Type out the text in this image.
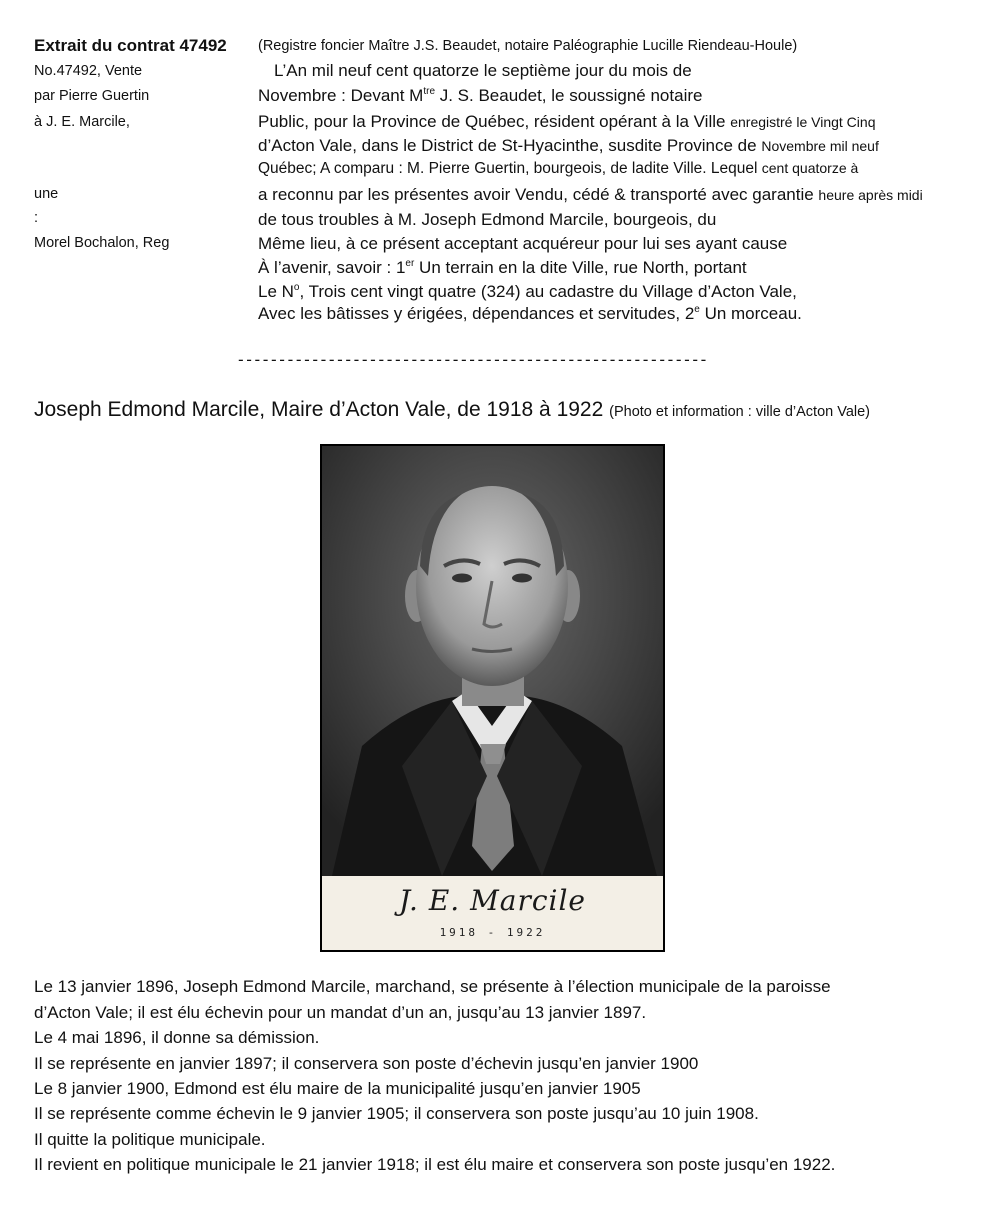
Extrait du contrat 47492 (Registre foncier Maître J.S. Beaudet, notaire Paléographie Lucille Riendeau-Houle)
No.47492, Vente
par Pierre Guertin
à J. E. Marcile,
une
:
Morel Bochalon, Reg
L’An mil neuf cent quatorze le septième jour du mois de
Novembre : Devant $M^{tre}$ J. S. Beaudet, le soussigné notaire
Public, pour la Province de Québec, résident opérant à la Ville enregistré le Vingt Cinq
d’Acton Vale, dans le District de St-Hyacinthe, susdite Province de Novembre mil neuf
Québec; A comparu : M. Pierre Guertin, bourgeois, de ladite Ville. Lequel cent quatorze à
a reconnu par les présentes avoir Vendu, cédé & transporté avec garantie heure après midi
de tous troubles à M. Joseph Edmond Marcile, bourgeois, du
Même lieu, à ce présent acceptant acquéreur pour lui ses ayant cause
À l’avenir, savoir : 1er Un terrain en la dite Ville, rue North, portant
Le $N^o$, Trois cent vingt quatre (324) au cadastre du Village d’Acton Vale,
Avec les bâtisses y érigées, dépendances et servitudes, 2e Un morceau.
---------------------------------------------------------
Joseph Edmond Marcile, Maire d’Acton Vale, de 1918 à 1922 (Photo et information : ville d’Acton Vale)
J. E. Marcile
1918 - 1922
Le 13 janvier 1896, Joseph Edmond Marcile, marchand, se présente à l’élection municipale de la paroisse
d’Acton Vale; il est élu échevin pour un mandat d’un an, jusqu’au 13 janvier 1897.
Le 4 mai 1896, il donne sa démission.
Il se représente en janvier 1897; il conservera son poste d’échevin jusqu’en janvier 1900
Le 8 janvier 1900, Edmond est élu maire de la municipalité jusqu’en janvier 1905
Il se représente comme échevin le 9 janvier 1905; il conservera son poste jusqu’au 10 juin 1908.
Il quitte la politique municipale.
Il revient en politique municipale le 21 janvier 1918; il est élu maire et conservera son poste jusqu’en 1922.
